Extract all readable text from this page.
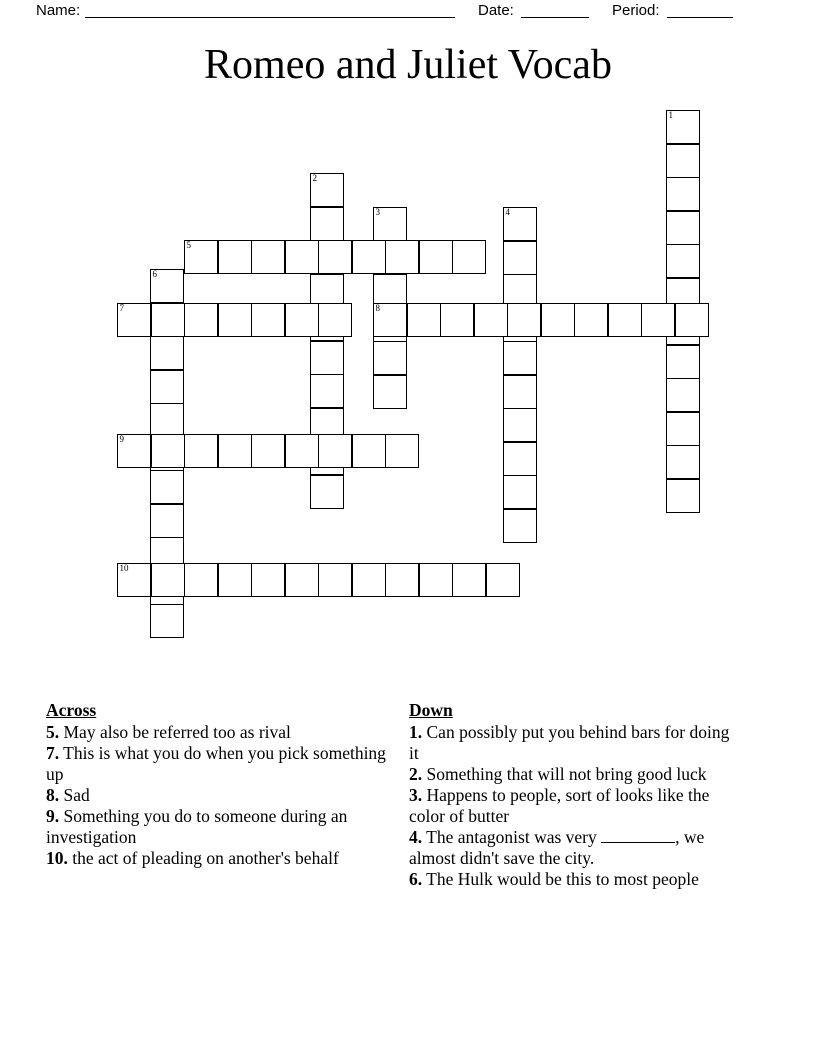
Name:	Date:	Period:
Romeo and Juliet Vocab
1
2
3	4
5
6
7	8
9
10
Across

5. May also be referred too as rival

7. This is what you do when you pick something up

8. Sad

9. Something you do to someone during an investigation

10. the act of pleading on another's behalf

Down

1. Can possibly put you behind bars for doing it

2. Something that will not bring good luck

3. Happens to people, sort of looks like the color of butter

4. The antagonist was very	, we almost didn't save the city.

6. The Hulk would be this to most people
